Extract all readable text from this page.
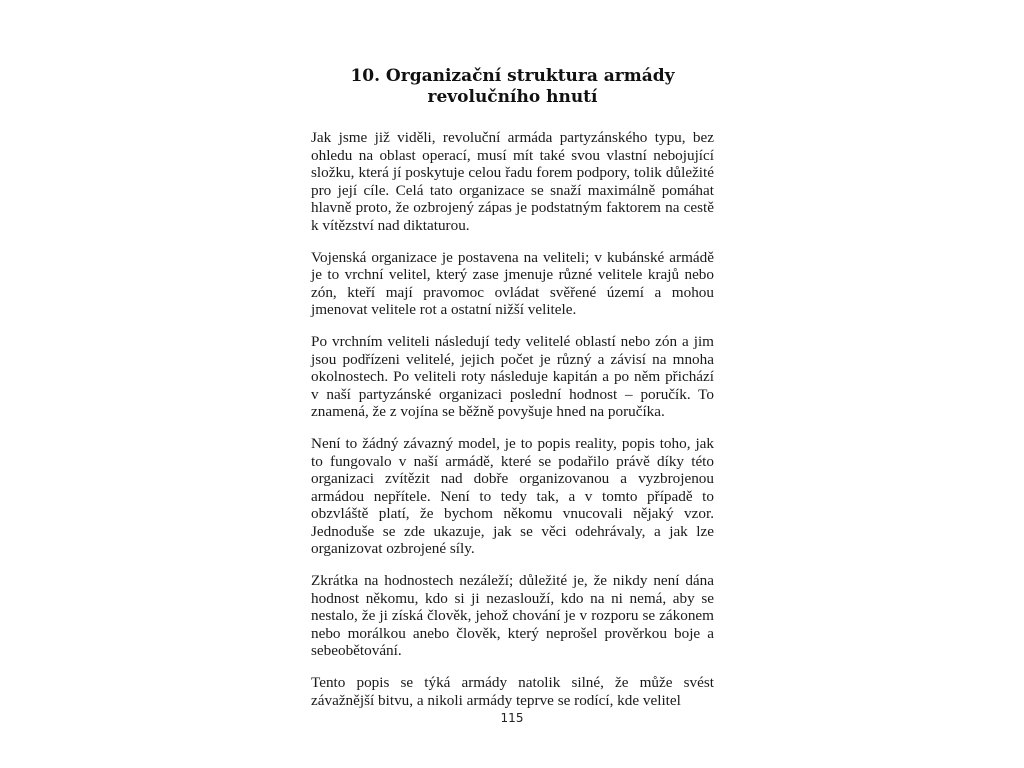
10. Organizační struktura armády revolučního hnutí

Jak jsme již viděli, revoluční armáda partyzánského typu, bez ohledu na oblast operací, musí mít také svou vlastní nebojující složku, která jí poskytuje celou řadu forem podpory, tolik důležité pro její cíle. Celá tato organizace se snaží maximálně pomáhat hlavně proto, že ozbrojený zápas je podstatným faktorem na cestě k vítězství nad diktaturou.

Vojenská organizace je postavena na veliteli; v kubánské armádě je to vrchní velitel, který zase jmenuje různé velitele krajů nebo zón, kteří mají pravomoc ovládat svěřené území a mohou jmenovat velitele rot a ostatní nižší velitele.

Po vrchním veliteli následují tedy velitelé oblastí nebo zón a jim jsou podřízeni velitelé, jejich počet je různý a závisí na mnoha okolnostech. Po veliteli roty následuje kapitán a po něm přichází v naší partyzánské organizaci poslední hodnost – poručík. To znamená, že z vojína se běžně povyšuje hned na poručíka.

Není to žádný závazný model, je to popis reality, popis toho, jak to fungovalo v naší armádě, které se podařilo právě díky této organizaci zvítězit nad dobře organizovanou a vyzbrojenou armádou nepřítele. Není to tedy tak, a v tomto případě to obzvláště platí, že bychom někomu vnucovali nějaký vzor. Jednoduše se zde ukazuje, jak se věci odehrávaly, a jak lze organizovat ozbrojené síly.

Zkrátka na hodnostech nezáleží; důležité je, že nikdy není dána hodnost někomu, kdo si ji nezaslouží, kdo na ni nemá, aby se nestalo, že ji získá člověk, jehož chování je v rozporu se zákonem nebo morálkou anebo člověk, který neprošel prověrkou boje a sebeobětování.

Tento popis se týká armády natolik silné, že může svést závažnější bitvu, a nikoli armády teprve se rodící, kde velitel

115
